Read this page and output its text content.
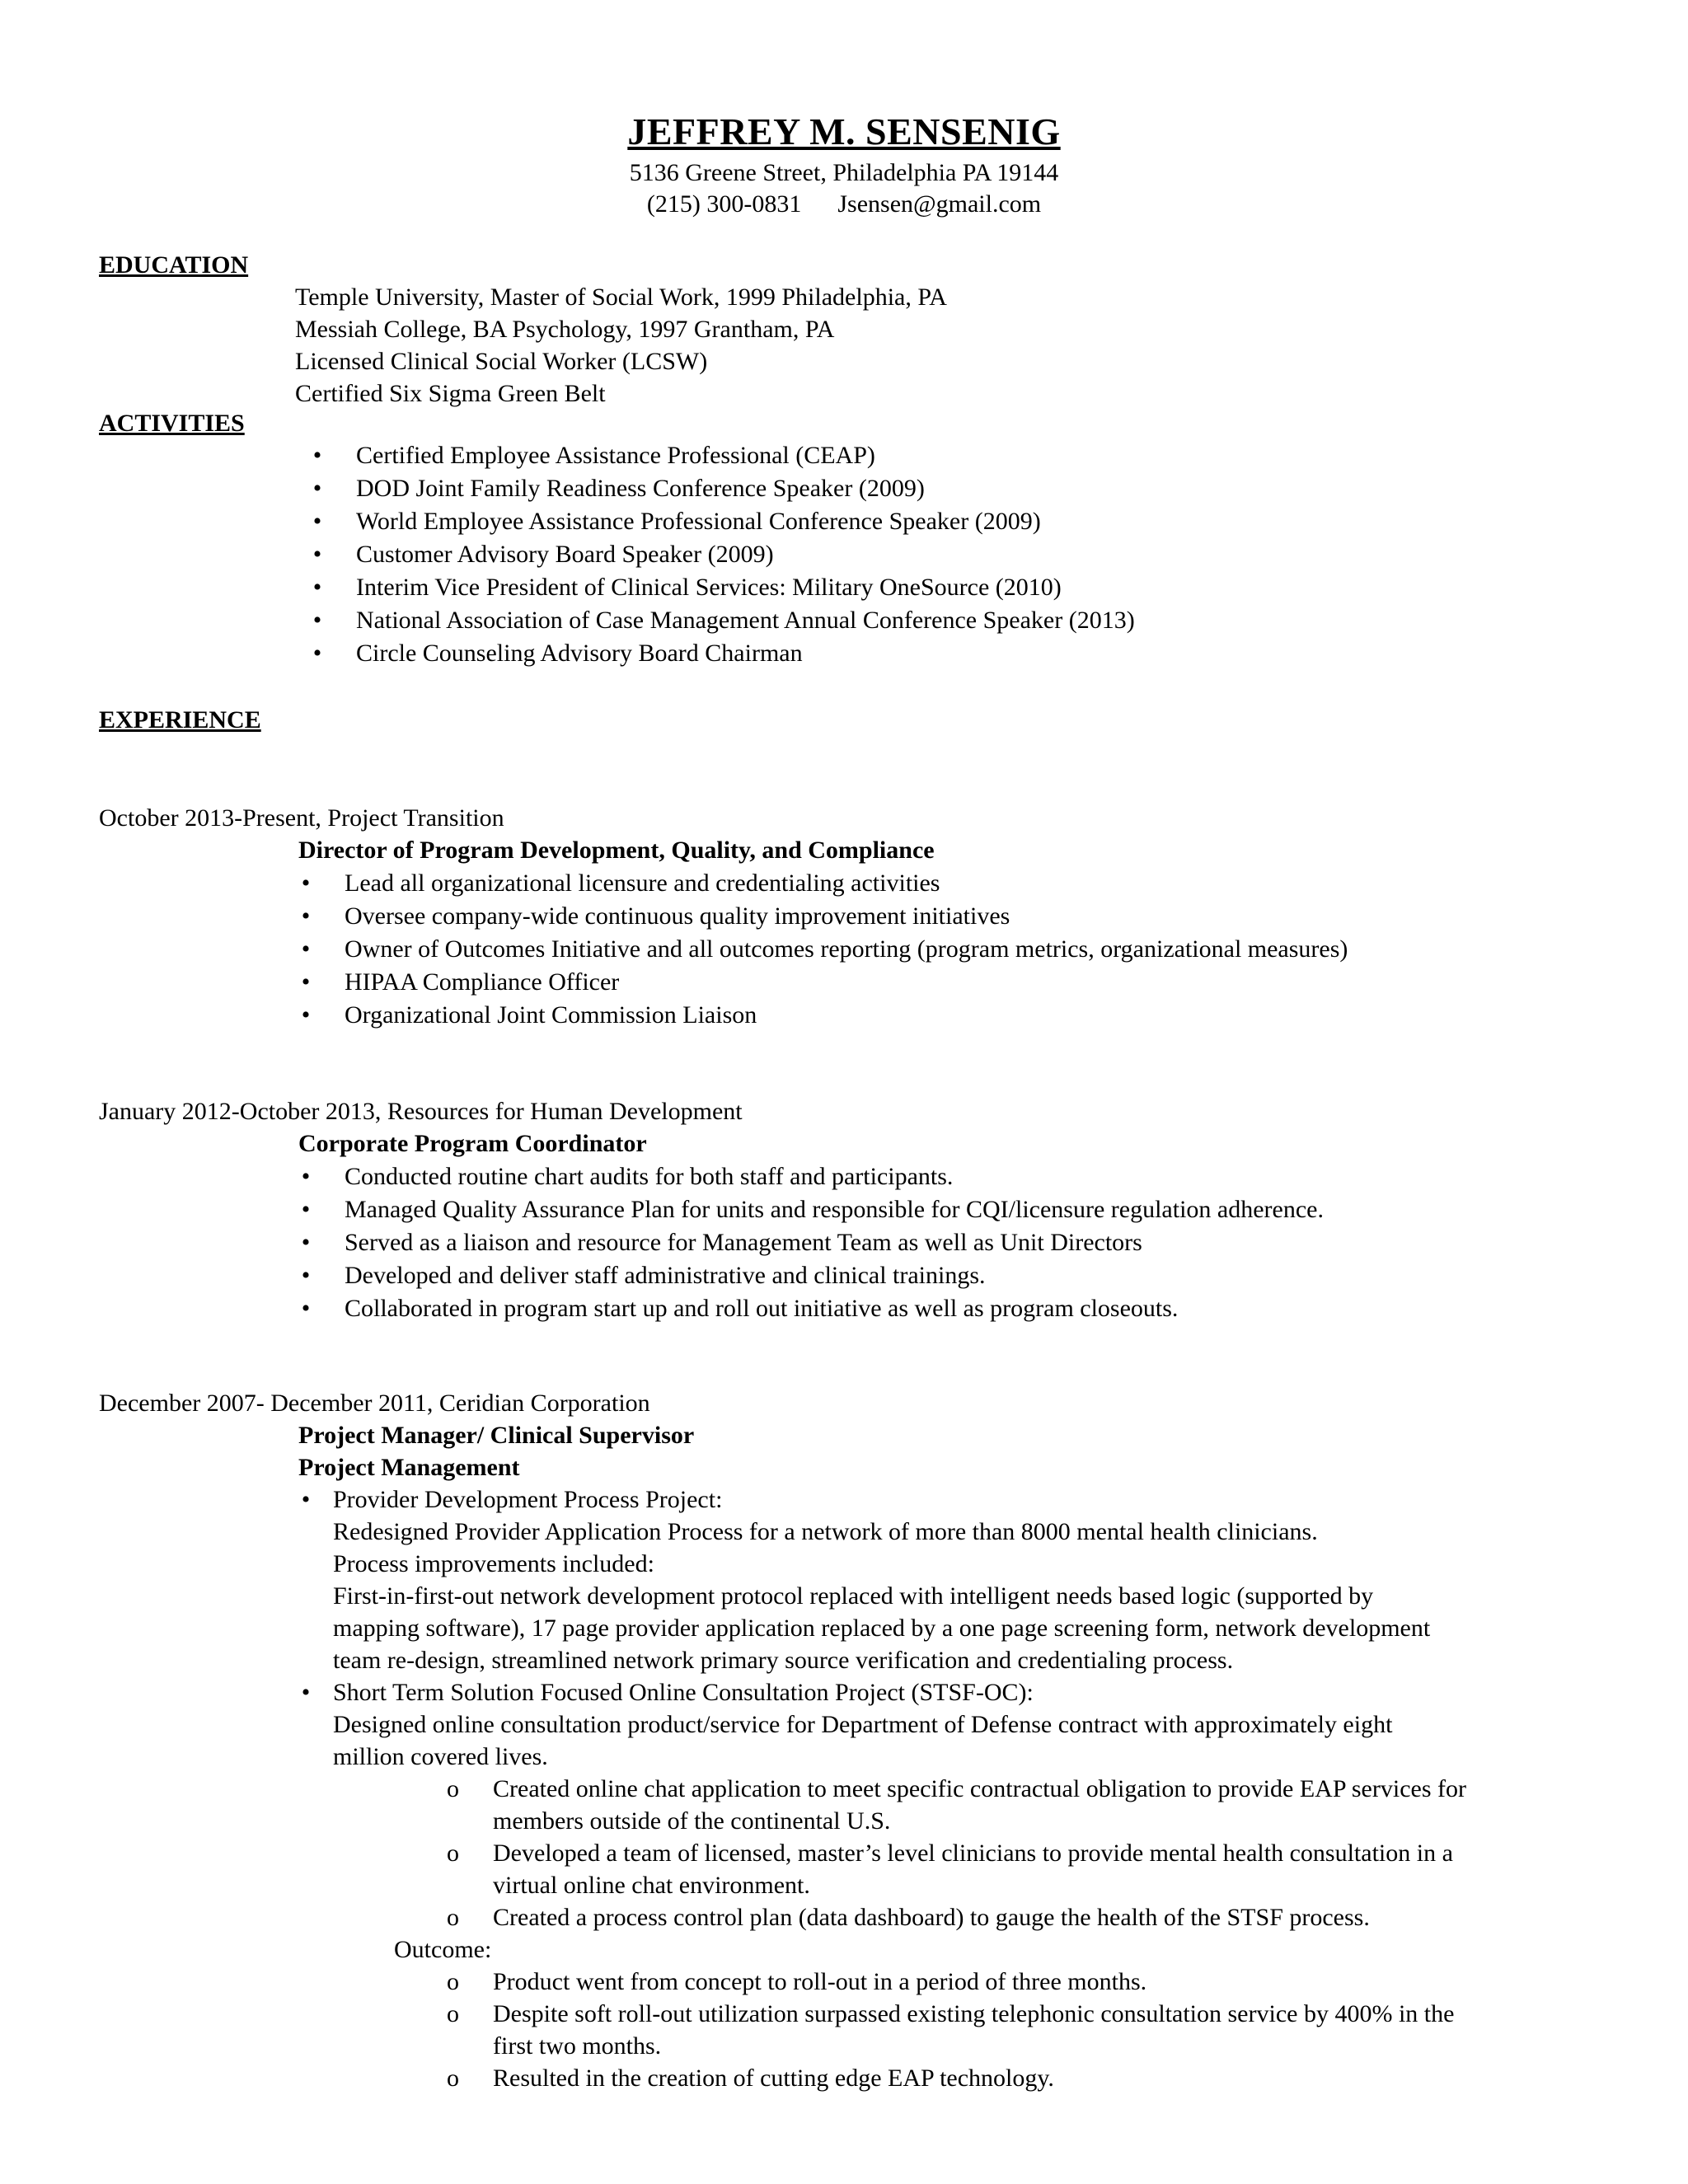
JEFFREY M. SENSENIG
5136 Greene Street, Philadelphia PA 19144
(215) 300-0831 Jsensen@gmail.com
EDUCATION
Temple University, Master of Social Work, 1999 Philadelphia, PA
Messiah College, BA Psychology, 1997 Grantham, PA
Licensed Clinical Social Worker (LCSW)
Certified Six Sigma Green Belt
ACTIVITIES
•	Certified Employee Assistance Professional (CEAP)
•	DOD Joint Family Readiness Conference Speaker (2009)
•	World Employee Assistance Professional Conference Speaker (2009)
•	Customer Advisory Board Speaker (2009)
•	Interim Vice President of Clinical Services: Military OneSource (2010)
•	National Association of Case Management Annual Conference Speaker (2013)
•	Circle Counseling Advisory Board Chairman
EXPERIENCE
October 2013-Present, Project Transition
Director of Program Development, Quality, and Compliance
•	Lead all organizational licensure and credentialing activities
•	Oversee company-wide continuous quality improvement initiatives
•	Owner of Outcomes Initiative and all outcomes reporting (program metrics, organizational measures)
•	HIPAA Compliance Officer
•	Organizational Joint Commission Liaison
January 2012-October 2013, Resources for Human Development
Corporate Program Coordinator
•	Conducted routine chart audits for both staff and participants.
•	Managed Quality Assurance Plan for units and responsible for CQI/licensure regulation adherence.
•	Served as a liaison and resource for Management Team as well as Unit Directors
•	Developed and deliver staff administrative and clinical trainings.
•	Collaborated in program start up and roll out initiative as well as program closeouts.
December 2007- December 2011, Ceridian Corporation
Project Manager/ Clinical Supervisor
Project Management
• Provider Development Process Project:
Redesigned Provider Application Process for a network of more than 8000 mental health clinicians.
Process improvements included:
First-in-first-out network development protocol replaced with intelligent needs based logic (supported by
mapping software), 17 page provider application replaced by a one page screening form, network development
team re-design, streamlined network primary source verification and credentialing process.
• Short Term Solution Focused Online Consultation Project (STSF-OC):
Designed online consultation product/service for Department of Defense contract with approximately eight
million covered lives.
o Created online chat application to meet specific contractual obligation to provide EAP services for
members outside of the continental U.S.
o Developed a team of licensed, master’s level clinicians to provide mental health consultation in a
virtual online chat environment.
o Created a process control plan (data dashboard) to gauge the health of the STSF process.
Outcome:
o Product went from concept to roll-out in a period of three months.
o Despite soft roll-out utilization surpassed existing telephonic consultation service by 400% in the
first two months.
o Resulted in the creation of cutting edge EAP technology.
